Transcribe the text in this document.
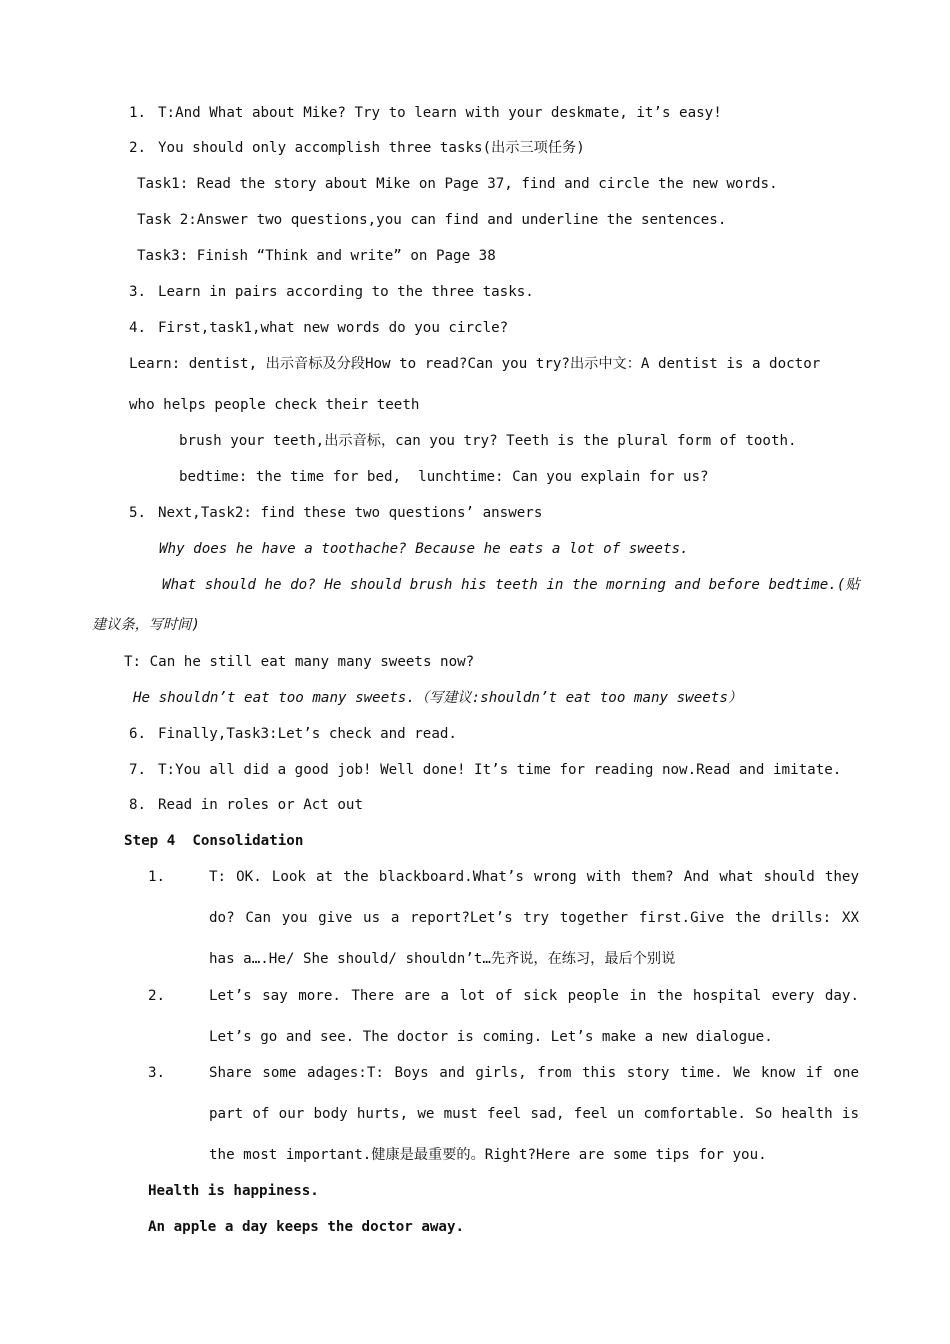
1. T:And What about Mike? Try to learn with your deskmate, it’s easy!
2. You should only accomplish three tasks(出示三项任务)
Task1: Read the story about Mike on Page 37, find and circle the new words.
Task 2:Answer two questions,you can find and underline the sentences.
Task3: Finish “Think and write” on Page 38
3. Learn in pairs according to the three tasks.
4. First,task1,what new words do you circle?
Learn: dentist, 出示音标及分段How to read?Can you try?出示中文：A dentist is a doctor
who helps people check their teeth
brush your teeth,出示音标，can you try? Teeth is the plural form of tooth.
bedtime: the time for bed,  lunchtime: Can you explain for us?
5. Next,Task2: find these two questions’ answers
Why does he have a toothache? Because he eats a lot of sweets.
What should he do? He should brush his teeth in the morning and before bedtime.(贴
建议条，写时间)
T: Can he still eat many many sweets now?
He shouldn’t eat too many sweets.（写建议:shouldn’t eat too many sweets）
6. Finally,Task3:Let’s check and read.
7. T:You all did a good job! Well done! It’s time for reading now.Read and imitate.
8. Read in roles or Act out
Step 4  Consolidation
1.	T: OK. Look at the blackboard.What’s wrong with them? And what should they
do? Can you give us a report?Let’s try together first.Give the drills: XX
has a….He/ She should/ shouldn’t…先齐说，在练习，最后个别说
2.	Let’s say more. There are a lot of sick people in the hospital every day.
Let’s go and see. The doctor is coming. Let’s make a new dialogue.
3.	Share some adages:T: Boys and girls, from this story time. We know if one
part of our body hurts, we must feel sad, feel un comfortable. So health is
the most important.健康是最重要的。Right?Here are some tips for you.
Health is happiness.
An apple a day keeps the doctor away.
